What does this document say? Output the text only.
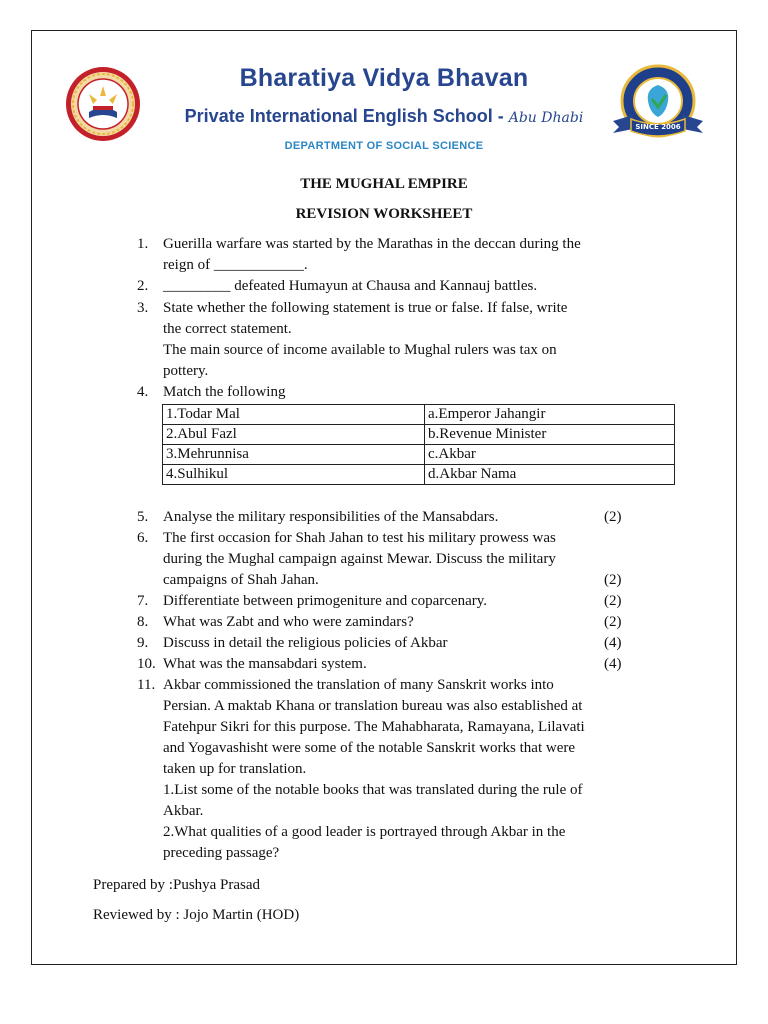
SINCE 2006
Bharatiya Vidya Bhavan
Private International English School - Abu Dhabi
DEPARTMENT OF SOCIAL SCIENCE
THE MUGHAL EMPIRE
REVISION WORKSHEET
1. Guerilla warfare was started by the Marathas in the deccan during the
reign of ____________.
2. _________ defeated Humayun at Chausa and Kannauj battles.
3. State whether the following statement is true or false. If false, write
the correct statement.
The main source of income available to Mughal rulers was tax on
pottery.
4. Match the following
5. Analyse the military responsibilities of the Mansabdars.	(2)
6. The first occasion for Shah Jahan to test his military prowess was
during the Mughal campaign against Mewar. Discuss the military
campaigns of Shah Jahan.	(2)
7. Differentiate between primogeniture and coparcenary.	(2)
8. What was Zabt and who were zamindars?	(2)
9. Discuss in detail the religious policies of Akbar	(4)
10. What was the mansabdari system.	(4)
11. Akbar commissioned the translation of many Sanskrit works into
Persian. A maktab Khana or translation bureau was also established at
Fatehpur Sikri for this purpose. The Mahabharata, Ramayana, Lilavati
and Yogavashisht were some of the notable Sanskrit works that were
taken up for translation.
1.List some of the notable books that was translated during the rule of
Akbar.
2.What qualities of a good leader is portrayed through Akbar in the
preceding passage?
1.Todar Mal	a.Emperor Jahangir
2.Abul Fazl	b.Revenue Minister
3.Mehrunnisa	c.Akbar
4.Sulhikul	d.Akbar Nama
Prepared by :Pushya Prasad
Reviewed by : Jojo Martin (HOD)
